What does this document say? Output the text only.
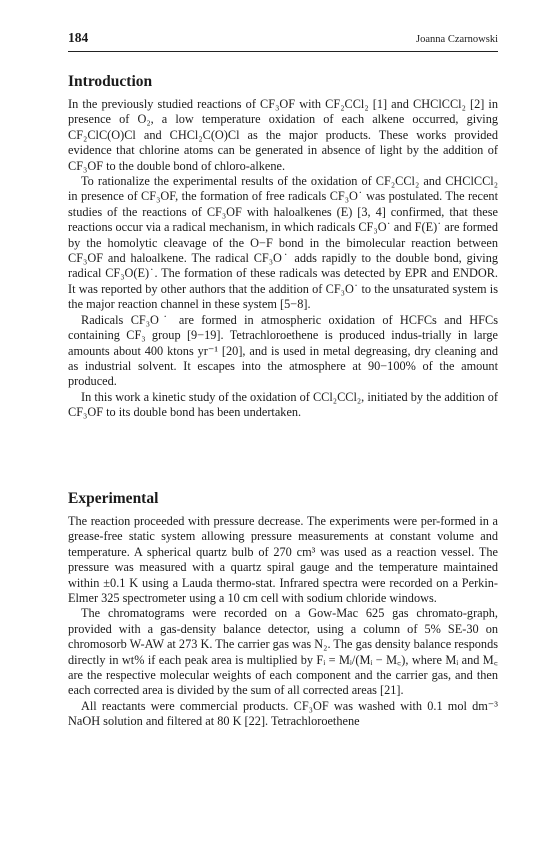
184	Joanna Czarnowski
Introduction

In the previously studied reactions of CF₃OF with CF₂CCl₂ [1] and CHClCCl₂ [2] in presence of O₂, a low temperature oxidation of each alkene occurred, giving CF₂ClC(O)Cl and CHCl₂C(O)Cl as the major products. These works provided evidence that chlorine atoms can be generated in absence of light by the addition of CF₃OF to the double bond of chloro-alkene.

To rationalize the experimental results of the oxidation of CF₂CCl₂ and CHClCCl₂ in presence of CF₃OF, the formation of free radicals CF₃O˙ was postulated. The recent studies of the reactions of CF₃OF with haloalkenes (E) [3, 4] confirmed, that these reactions occur via a radical mechanism, in which radicals CF₃O˙ and F(E)˙ are formed by the homolytic cleavage of the O−F bond in the bimolecular reaction between CF₃OF and haloalkene. The radical CF₃O˙ adds rapidly to the double bond, giving radical CF₃O(E)˙. The formation of these radicals was detected by EPR and ENDOR. It was reported by other authors that the addition of CF₃O˙ to the unsaturated system is the major reaction channel in these system [5−8].

Radicals CF₃O˙ are formed in atmospheric oxidation of HCFCs and HFCs containing CF₃ group [9−19]. Tetrachloroethene is produced indus-trially in large amounts about 400 ktons yr⁻¹ [20], and is used in metal degreasing, dry cleaning and as industrial solvent. It escapes into the atmosphere at 90−100% of the amount produced.

In this work a kinetic study of the oxidation of CCl₂CCl₂, initiated by the addition of CF₃OF to its double bond has been undertaken.

Experimental

The reaction proceeded with pressure decrease. The experiments were per-formed in a grease-free static system allowing pressure measurements at constant volume and temperature. A spherical quartz bulb of 270 cm³ was used as a reaction vessel. The pressure was measured with a quartz spiral gauge and the temperature maintained within ±0.1 K using a Lauda thermo-stat. Infrared spectra were recorded on a Perkin-Elmer 325 spectrometer using a 10 cm cell with sodium chloride windows.

The chromatograms were recorded on a Gow-Mac 625 gas chromato-graph, provided with a gas-density balance detector, using a column of 5% SE-30 on chromosorb W-AW at 273 K. The carrier gas was N₂. The gas density balance responds directly in wt% if each peak area is multiplied by Fᵢ = Mᵢ/(Mᵢ − M꜀), where Mᵢ and M꜀ are the respective molecular weights of each component and the carrier gas, and then each corrected area is divided by the sum of all corrected areas [21].

All reactants were commercial products. CF₃OF was washed with 0.1 mol dm⁻³ NaOH solution and filtered at 80 K [22]. Tetrachloroethene
